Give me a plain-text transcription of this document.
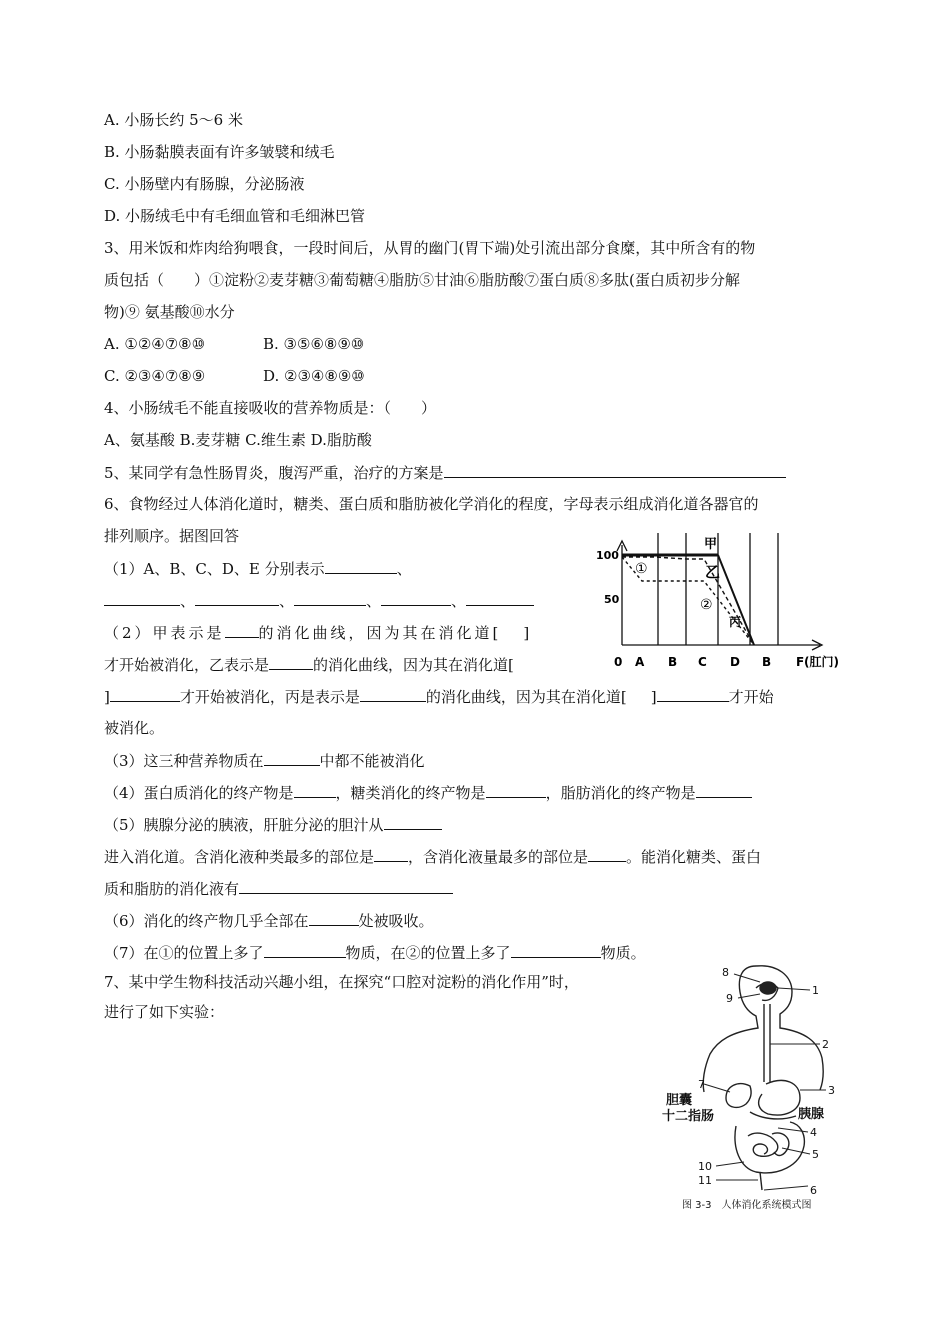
A. 小肠长约 5～6 米
B. 小肠黏膜表面有许多皱襞和绒毛
C. 小肠壁内有肠腺，分泌肠液
D. 小肠绒毛中有毛细血管和毛细淋巴管
3、用米饭和炸肉给狗喂食，一段时间后，从胃的幽门(胃下端)处引流出部分食糜，其中所含有的物
质包括（　　）①淀粉②麦芽糖③葡萄糖④脂肪⑤甘油⑥脂肪酸⑦蛋白质⑧多肽(蛋白质初步分解
物)⑨ 氨基酸⑩水分
A. ①②④⑦⑧⑩	B. ③⑤⑥⑧⑨⑩
C. ②③④⑦⑧⑨	D. ②③④⑧⑨⑩
4、小肠绒毛不能直接吸收的营养物质是：（　　）
A、氨基酸 B.麦芽糖 C.维生素 D.脂肪酸
5、某同学有急性肠胃炎，腹泻严重，治疗的方案是
6、食物经过人体消化道时，糖类、蛋白质和脂肪被化学消化的程度，字母表示组成消化道各器官的
排列顺序。据图回答
（1）A、B、C、D、E 分别表示	、
、	、	、	、
（2）甲表示是 的消化曲线，因为其在消化道[ ]
才开始被消化，乙表示是	的消化曲线，因为其在消化道[
]	才开始被消化，丙是表示是	的消化曲线，因为其在消化道[ ]	才开始
被消化。
（3）这三种营养物质在	中都不能被消化
（4）蛋白质消化的终产物是	，糖类消化的终产物是	，脂肪消化的终产物是
（5）胰腺分泌的胰液，肝脏分泌的胆汁从
进入消化道。含消化液种类最多的部位是 ，含消化液量最多的部位是	。能消化糖类、蛋白
质和脂肪的消化液有
（6）消化的终产物几乎全部在	处被吸收。
（7）在①的位置上多了	物质，在②的位置上多了	物质。
7、某中学生物科技活动兴趣小组，在探究“口腔对淀粉的消化作用”时，
进行了如下实验：
100
50
甲
乙
丙
①
②
0 A B C D B F (肛门)
8
1
9
2
7	3
4
5
10
11
6
胆囊
十二指肠	胰腺
图 3-3　人体消化系统模式图
